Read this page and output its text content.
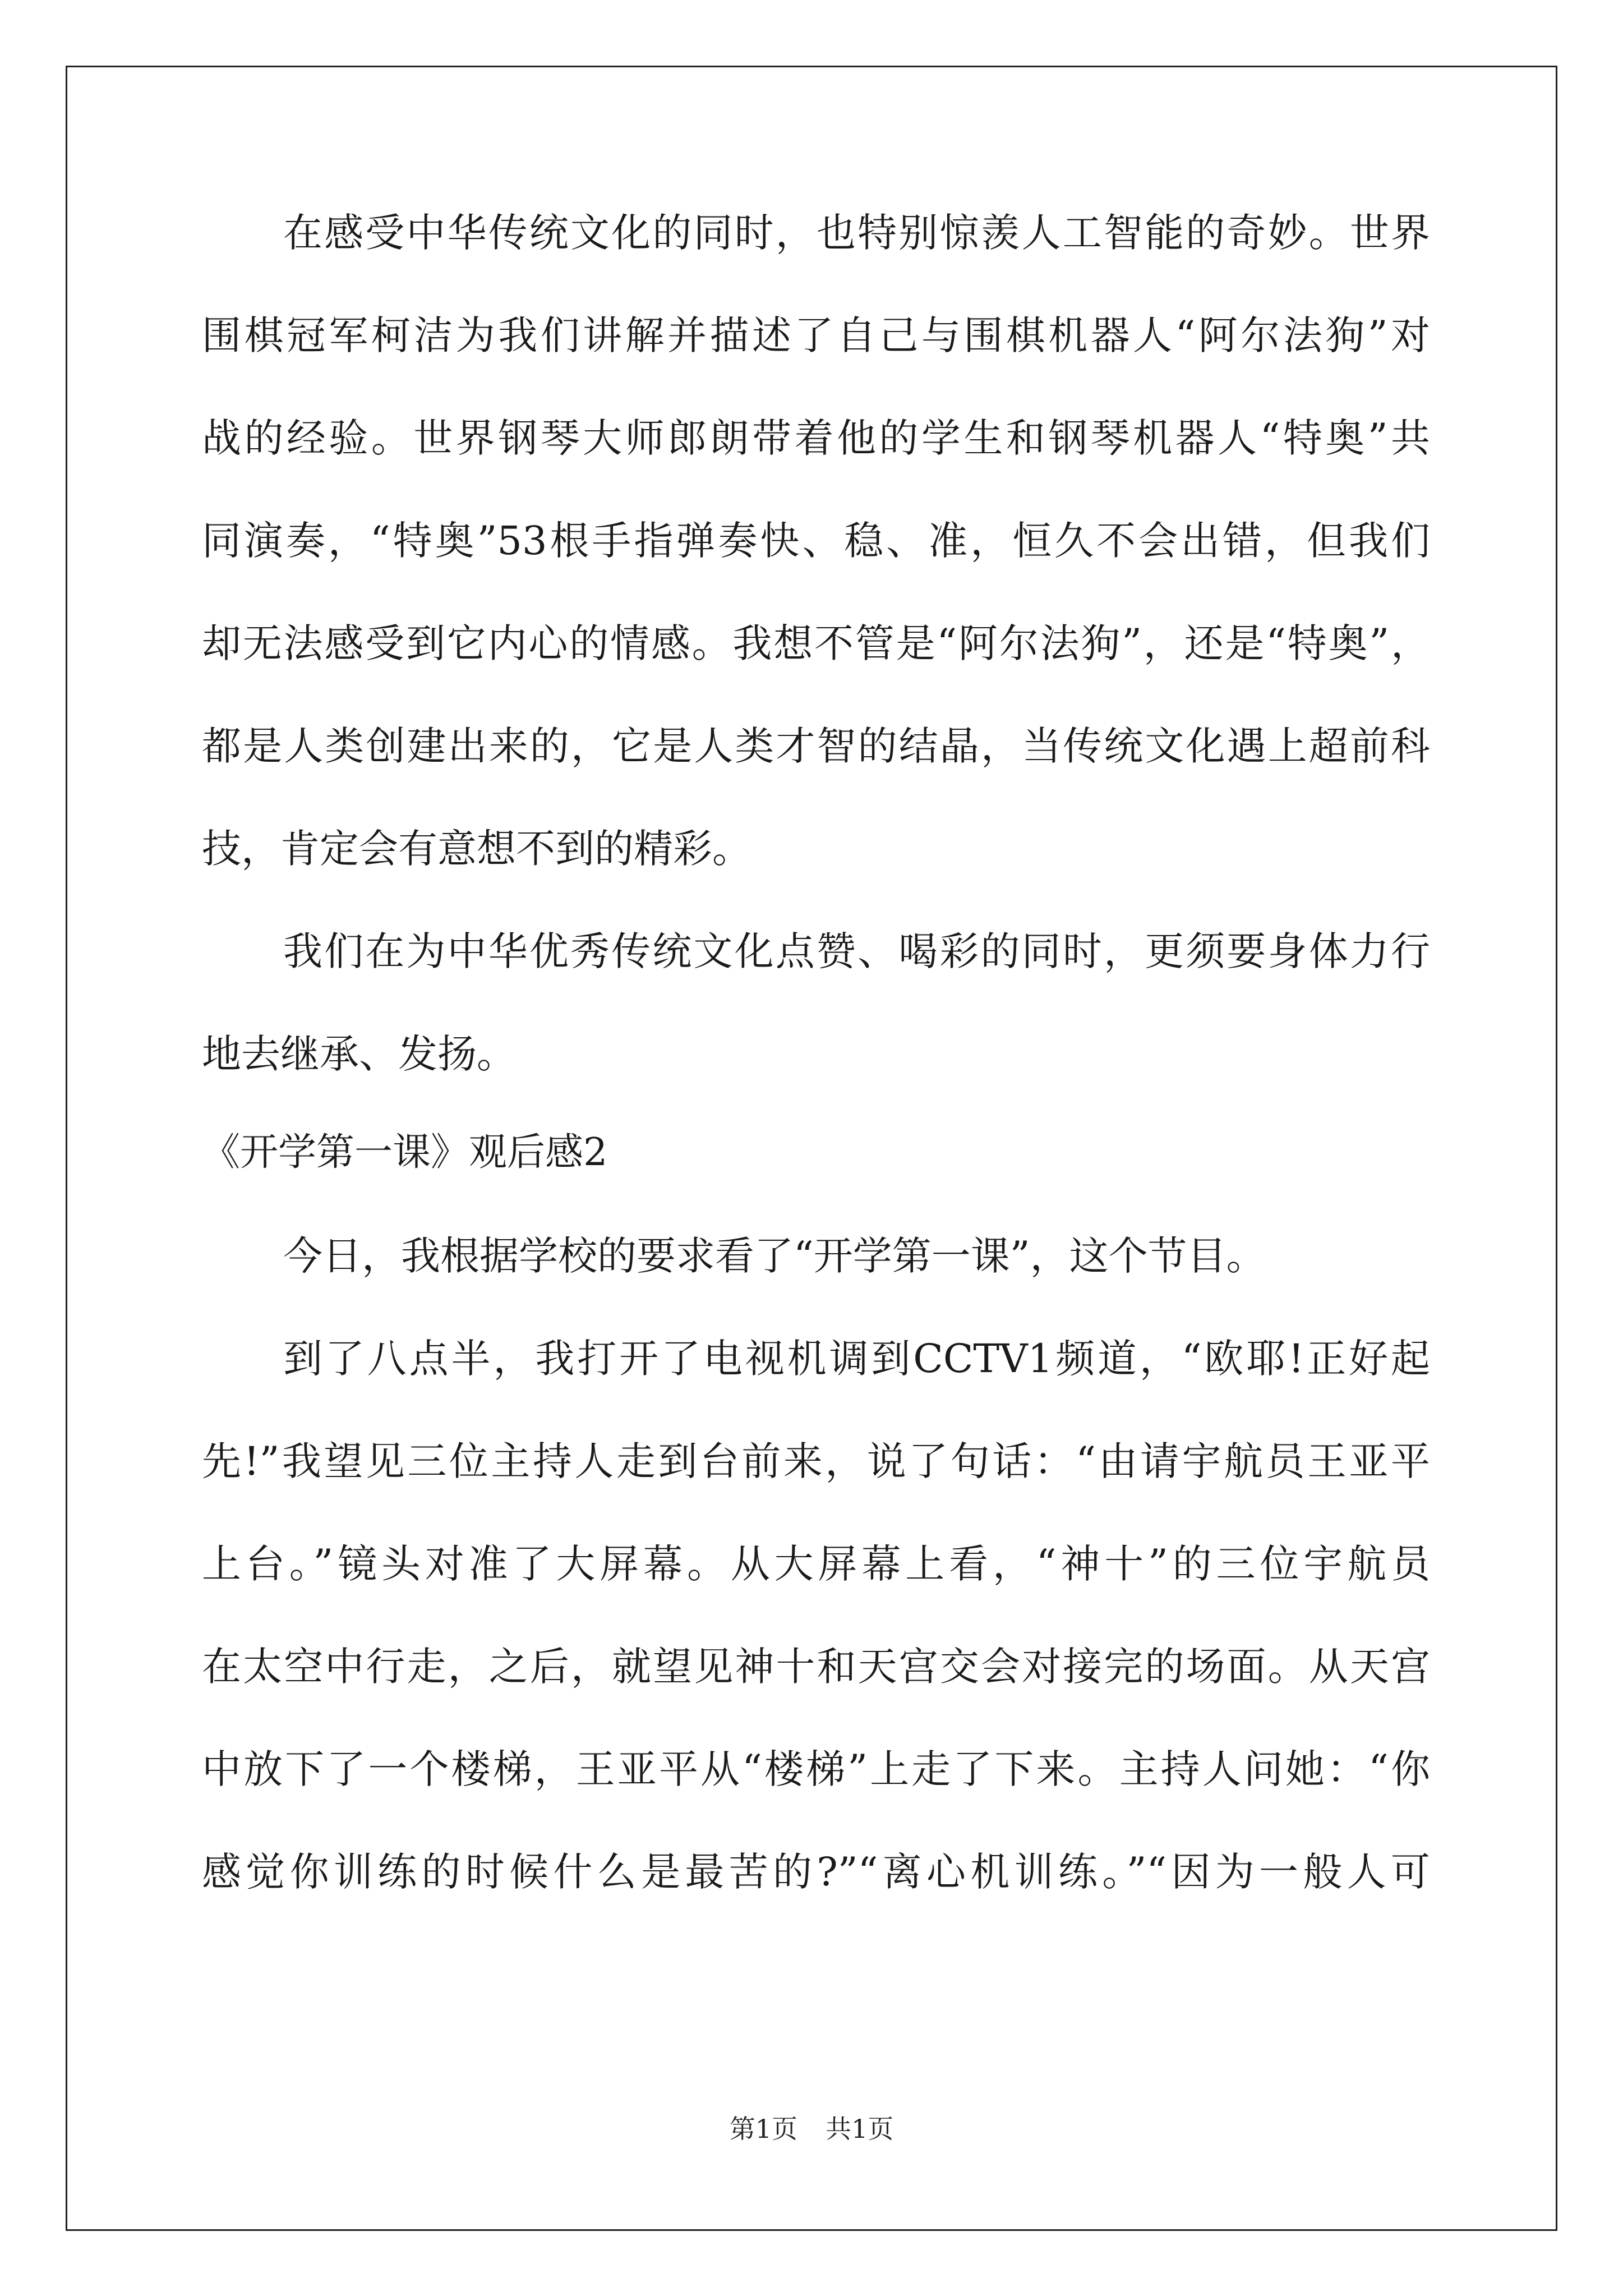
在感受中华传统文化的同时，也特别惊羡人工智能的奇妙。世界
围棋冠军柯洁为我们讲解并描述了自己与围棋机器人“阿尔法狗”对
战的经验。世界钢琴大师郎朗带着他的学生和钢琴机器人“特奥”共
同演奏，“特奥”53根手指弹奏快、稳、准，恒久不会出错，但我们
却无法感受到它内心的情感。我想不管是“阿尔法狗”，还是“特奥”，
都是人类创建出来的，它是人类才智的结晶，当传统文化遇上超前科
技，肯定会有意想不到的精彩。
我们在为中华优秀传统文化点赞、喝彩的同时，更须要身体力行
地去继承、发扬。
《开学第一课》观后感2
今日，我根据学校的要求看了“开学第一课”，这个节目。
到了八点半，我打开了电视机调到CCTV1频道，“欧耶!正好起
先!”我望见三位主持人走到台前来，说了句话：“由请宇航员王亚平
上台。”镜头对准了大屏幕。从大屏幕上看，“神十”的三位宇航员
在太空中行走，之后，就望见神十和天宫交会对接完的场面。从天宫
中放下了一个楼梯，王亚平从“楼梯”上走了下来。主持人问她：“你
感觉你训练的时候什么是最苦的?”“离心机训练。”“因为一般人可
第1页 共1页
